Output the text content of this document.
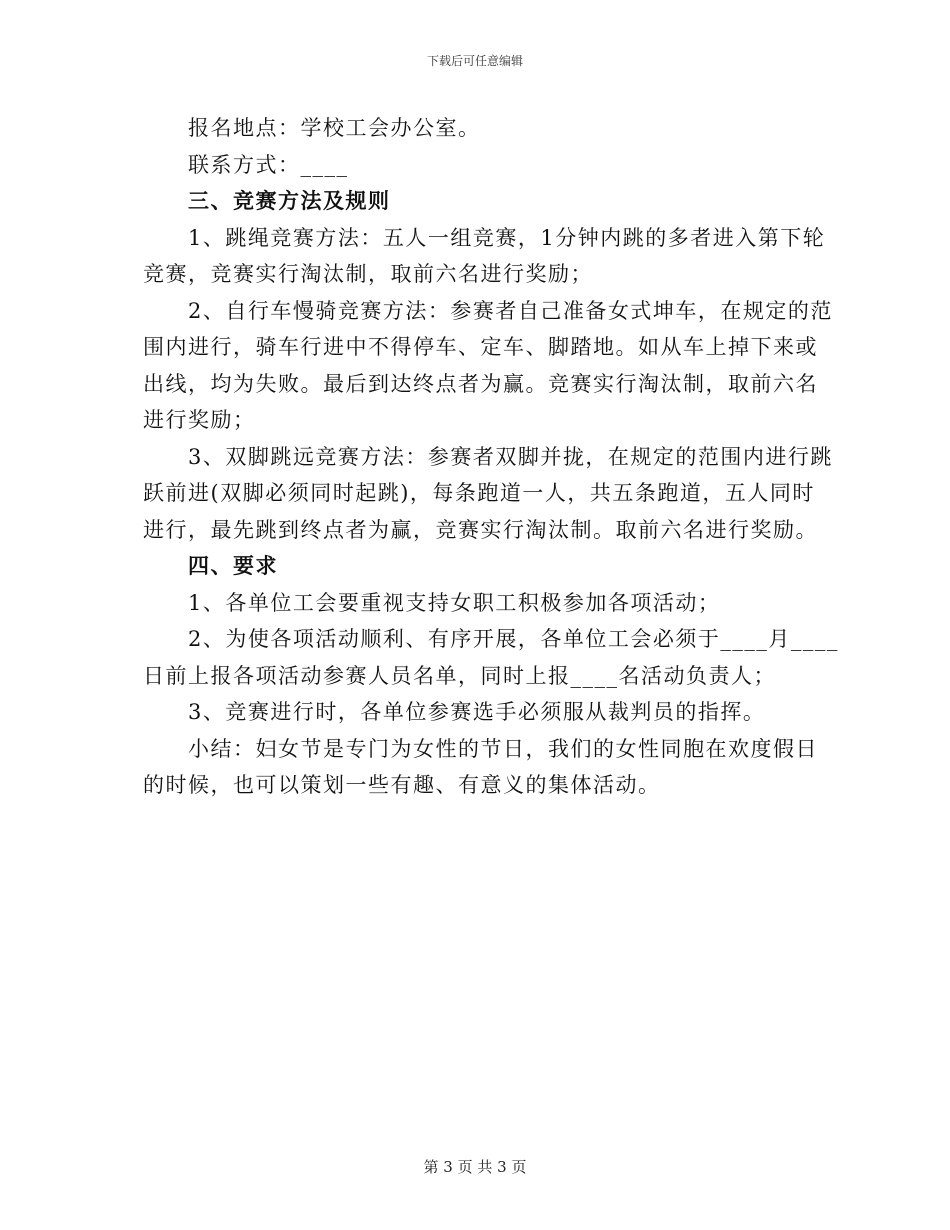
下载后可任意编辑
报名地点：学校工会办公室。
联系方式：____
三、竞赛方法及规则
1、跳绳竞赛方法：五人一组竞赛，1分钟内跳的多者进入第下轮
竞赛，竞赛实行淘汰制，取前六名进行奖励；
2、自行车慢骑竞赛方法：参赛者自己准备女式坤车，在规定的范
围内进行，骑车行进中不得停车、定车、脚踏地。如从车上掉下来或
出线，均为失败。最后到达终点者为赢。竞赛实行淘汰制，取前六名
进行奖励；
3、双脚跳远竞赛方法：参赛者双脚并拢，在规定的范围内进行跳
跃前进(双脚必须同时起跳)，每条跑道一人，共五条跑道，五人同时
进行，最先跳到终点者为赢，竞赛实行淘汰制。取前六名进行奖励。
四、要求
1、各单位工会要重视支持女职工积极参加各项活动；
2、为使各项活动顺利、有序开展，各单位工会必须于____月____
日前上报各项活动参赛人员名单，同时上报____名活动负责人；
3、竞赛进行时，各单位参赛选手必须服从裁判员的指挥。
小结：妇女节是专门为女性的节日，我们的女性同胞在欢度假日
的时候，也可以策划一些有趣、有意义的集体活动。
第 3 页 共 3 页
